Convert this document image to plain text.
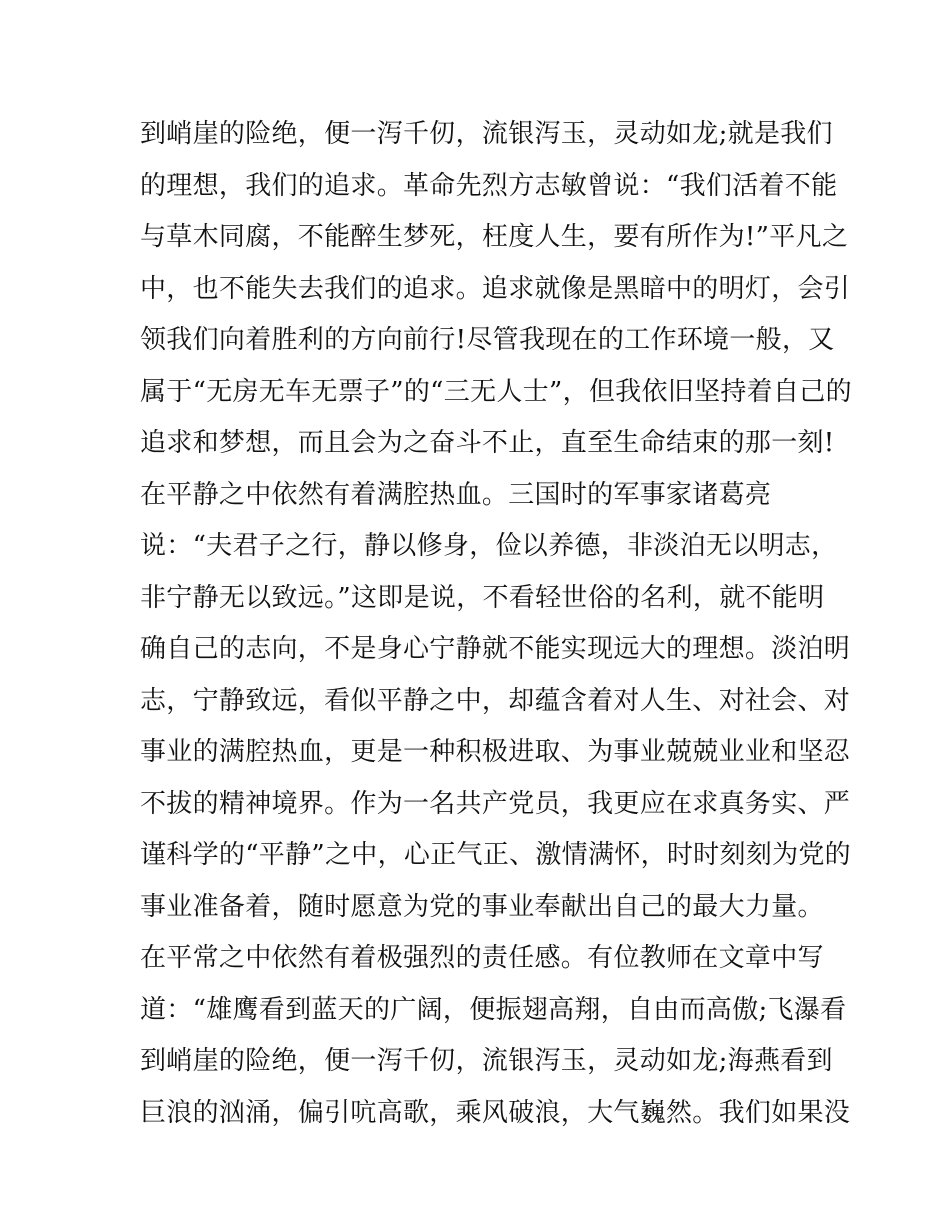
到峭崖的险绝，便一泻千仞，流银泻玉，灵动如龙;就是我们
的理想，我们的追求。革命先烈方志敏曾说：“我们活着不能
与草木同腐，不能醉生梦死，枉度人生，要有所作为!”平凡之
中，也不能失去我们的追求。追求就像是黑暗中的明灯，会引
领我们向着胜利的方向前行!尽管我现在的工作环境一般，又
属于“无房无车无票子”的“三无人士”，但我依旧坚持着自己的
追求和梦想，而且会为之奋斗不止，直至生命结束的那一刻!
在平静之中依然有着满腔热血。三国时的军事家诸葛亮
说：“夫君子之行，静以修身，俭以养德，非淡泊无以明志，
非宁静无以致远。”这即是说，不看轻世俗的名利，就不能明
确自己的志向，不是身心宁静就不能实现远大的理想。淡泊明
志，宁静致远，看似平静之中，却蕴含着对人生、对社会、对
事业的满腔热血，更是一种积极进取、为事业兢兢业业和坚忍
不拔的精神境界。作为一名共产党员，我更应在求真务实、严
谨科学的“平静”之中，心正气正、激情满怀，时时刻刻为党的
事业准备着，随时愿意为党的事业奉献出自己的最大力量。
在平常之中依然有着极强烈的责任感。有位教师在文章中写
道：“雄鹰看到蓝天的广阔，便振翅高翔，自由而高傲;飞瀑看
到峭崖的险绝，便一泻千仞，流银泻玉，灵动如龙;海燕看到
巨浪的汹涌，偏引吭高歌，乘风破浪，大气巍然。我们如果没
